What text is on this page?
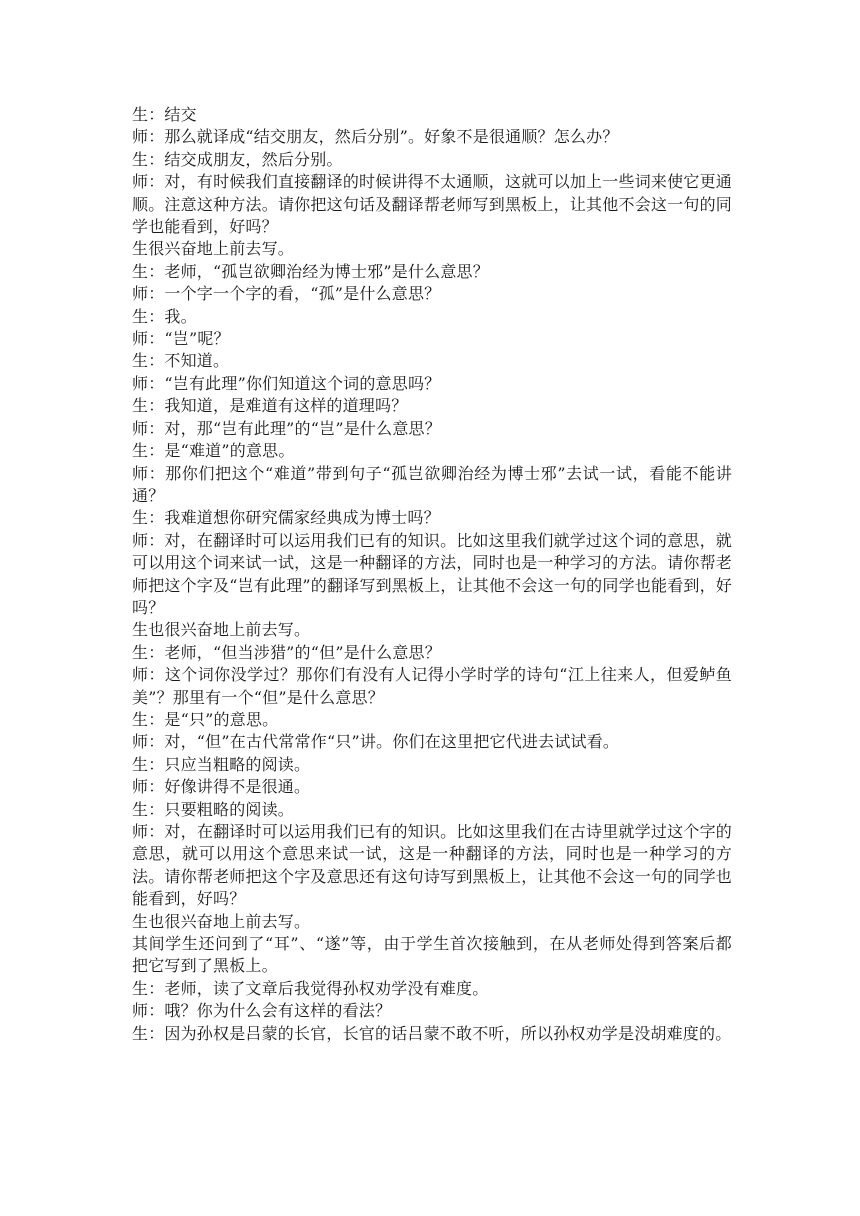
生：结交

师：那么就译成“结交朋友，然后分别”。好象不是很通顺？怎么办？

生：结交成朋友，然后分别。

师：对，有时候我们直接翻译的时候讲得不太通顺，这就可以加上一些词来使它更通顺。注意这种方法。请你把这句话及翻译帮老师写到黑板上，让其他不会这一句的同学也能看到，好吗？

生很兴奋地上前去写。

生：老师，“孤岂欲卿治经为博士邪”是什么意思？

师：一个字一个字的看，“孤”是什么意思？

生：我。

师：“岂”呢？

生：不知道。

师：“岂有此理”你们知道这个词的意思吗？

生：我知道，是难道有这样的道理吗？

师：对，那“岂有此理”的“岂”是什么意思？

生：是“难道”的意思。

师：那你们把这个“难道”带到句子“孤岂欲卿治经为博士邪”去试一试，看能不能讲通？

生：我难道想你研究儒家经典成为博士吗？

师：对，在翻译时可以运用我们已有的知识。比如这里我们就学过这个词的意思，就可以用这个词来试一试，这是一种翻译的方法，同时也是一种学习的方法。请你帮老师把这个字及“岂有此理”的翻译写到黑板上，让其他不会这一句的同学也能看到，好吗？

生也很兴奋地上前去写。

生：老师，“但当涉猎”的“但”是什么意思？

师：这个词你没学过？那你们有没有人记得小学时学的诗句“江上往来人，但爱鲈鱼美”？那里有一个“但”是什么意思？

生：是“只”的意思。

师：对，“但”在古代常常作“只”讲。你们在这里把它代进去试试看。

生：只应当粗略的阅读。

师：好像讲得不是很通。

生：只要粗略的阅读。

师：对，在翻译时可以运用我们已有的知识。比如这里我们在古诗里就学过这个字的意思，就可以用这个意思来试一试，这是一种翻译的方法，同时也是一种学习的方法。请你帮老师把这个字及意思还有这句诗写到黑板上，让其他不会这一句的同学也能看到，好吗？

生也很兴奋地上前去写。

其间学生还问到了“耳”、“遂”等，由于学生首次接触到，在从老师处得到答案后都把它写到了黑板上。

生：老师，读了文章后我觉得孙权劝学没有难度。

师：哦？你为什么会有这样的看法？

生：因为孙权是吕蒙的长官，长官的话吕蒙不敢不听，所以孙权劝学是没胡难度的。
